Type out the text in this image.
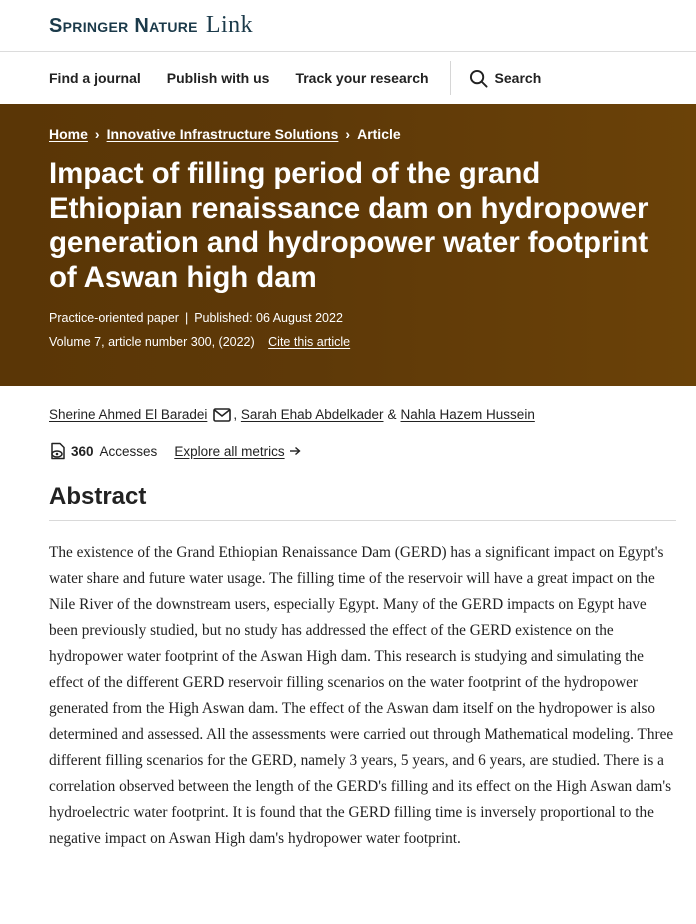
Springer Nature Link
Find a journal Publish with us Track your research	Search
Home › Innovative Infrastructure Solutions › Article
Impact of filling period of the grand Ethiopian renaissance dam on hydropower generation and hydropower water footprint of Aswan high dam
Practice-oriented paper | Published: 06 August 2022
Volume 7, article number 300, (2022) Cite this article
Sherine Ahmed El Baradei ,
Sarah Ehab Abdelkader & Nahla Hazem Hussein
360 Accesses Explore all metrics
Abstract

The existence of the Grand Ethiopian Renaissance Dam (GERD) has a significant impact on Egypt's water share and future water usage. The filling time of the reservoir will have a great impact on the Nile River of the downstream users, especially Egypt. Many of the GERD impacts on Egypt have been previously studied, but no study has addressed the effect of the GERD existence on the hydropower water footprint of the Aswan High dam. This research is studying and simulating the effect of the different GERD reservoir filling scenarios on the water footprint of the hydropower generated from the High Aswan dam. The effect of the Aswan dam itself on the hydropower is also determined and assessed. All the assessments were carried out through Mathematical modeling. Three different filling scenarios for the GERD, namely 3 years, 5 years, and 6 years, are studied. There is a correlation observed between the length of the GERD's filling and its effect on the High Aswan dam's hydroelectric water footprint. It is found that the GERD filling time is inversely proportional to the negative impact on Aswan High dam's hydropower water footprint.
